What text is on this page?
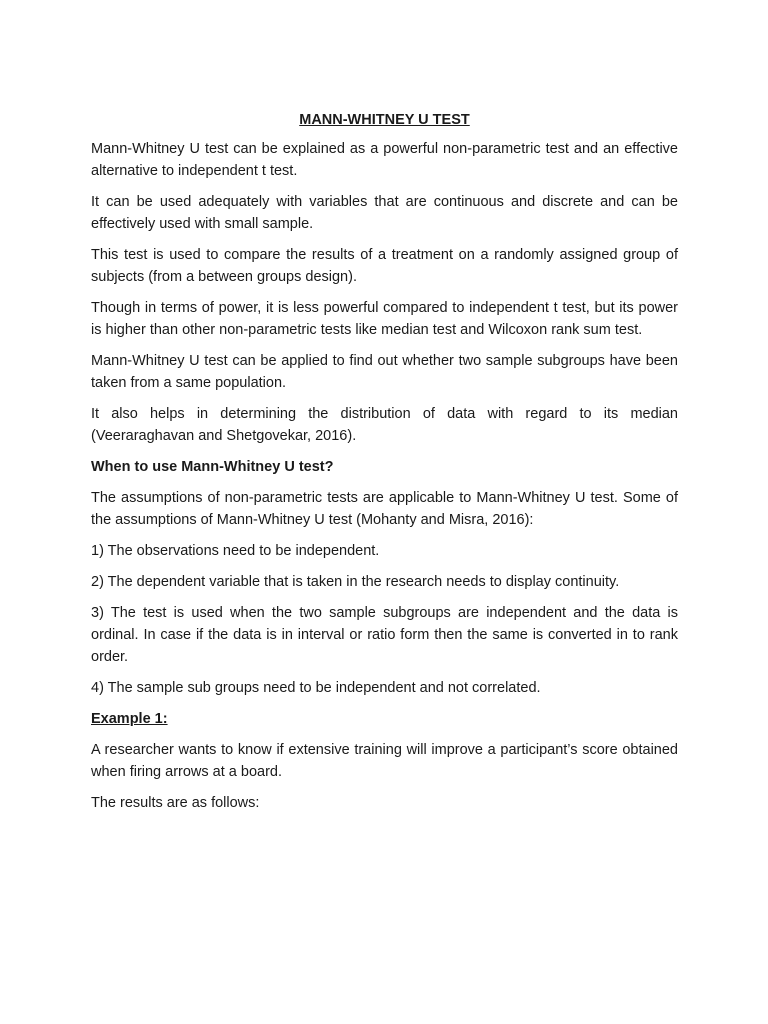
MANN-WHITNEY U TEST

Mann-Whitney U test can be explained as a powerful non-parametric test and an effective alternative to independent t test.

It can be used adequately with variables that are continuous and discrete and can be effectively used with small sample.

This test is used to compare the results of a treatment on a randomly assigned group of subjects (from a between groups design).

Though in terms of power, it is less powerful compared to independent t test, but its power is higher than other non-parametric tests like median test and Wilcoxon rank sum test.

Mann-Whitney U test can be applied to find out whether two sample subgroups have been taken from a same population.

It also helps in determining the distribution of data with regard to its median (Veeraraghavan and Shetgovekar, 2016).

When to use Mann-Whitney U test?

The assumptions of non-parametric tests are applicable to Mann-Whitney U test. Some of the assumptions of Mann-Whitney U test (Mohanty and Misra, 2016):

1) The observations need to be independent.

2) The dependent variable that is taken in the research needs to display continuity.

3) The test is used when the two sample subgroups are independent and the data is ordinal. In case if the data is in interval or ratio form then the same is converted in to rank order.

4) The sample sub groups need to be independent and not correlated.

Example 1:

A researcher wants to know if extensive training will improve a participant’s score obtained when firing arrows at a board.

The results are as follows:
